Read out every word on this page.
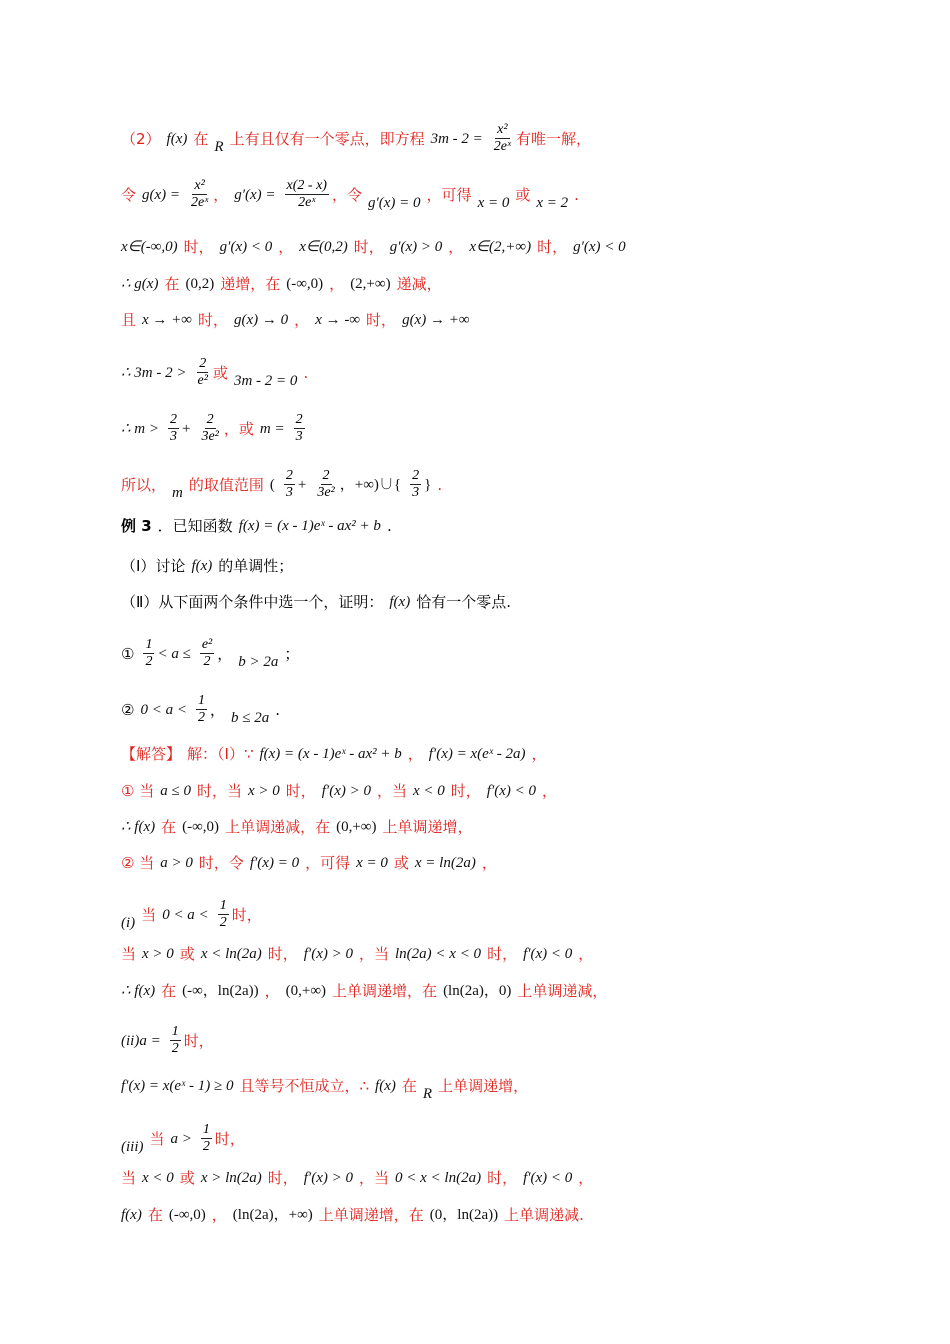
（2） f(x) 在 R 上有且仅有一个零点，即方程 $3m - 2 = \frac{\text{x²}}{\text{2eˣ}}$ 有唯一解，
令 $g(x) = \frac{\text{x²}}{\text{2eˣ}}$ ， $g'(x) = \frac{x(2 - x)}{\text{2eˣ}}$ ，令 g′(x) = 0 ，可得 x = 0 或 x = 2 .
x∈(-∞,0) 时， g′(x) < 0 ， x∈(0,2) 时， g′(x) > 0 ， x∈(2,+∞) 时， g′(x) < 0
∴ g(x) 在 (0,2) 递增，在 (-∞,0) ， (2,+∞) 递减，
且 x → +∞ 时， g(x) → 0 ， x → -∞ 时， g(x) → +∞
∴ $3m - 2 > \frac{2}{\text{e²}}$ 或 3m - 2 = 0 .
∴ $m > \frac{2}{3} + \frac{2}{\text{3e²}}$ ，或 $m = \frac{2}{3}$
所以， m 的取值范围 ( $\frac{2}{3} + \frac{2}{\text{3e²}}$ ，+∞)∪{ $\frac{2}{3}$ } .
例 3 ．已知函数 f(x) = (x - 1)eˣ - ax² + b .
（Ⅰ）讨论 f(x) 的单调性；
（Ⅱ）从下面两个条件中选一个，证明： f(x) 恰有一个零点.
① $\frac{1}{2} < a \le \frac{\text{e²}}{2}$ ， b > 2a ；
② $0 < a < \frac{1}{2}$ ， b ≤ 2a .
【解答】 解：（Ⅰ）∵ f(x) = (x - 1)eˣ - ax² + b ， f′(x) = x(eˣ - 2a) ，
① 当 a ≤ 0 时，当 x > 0 时， f′(x) > 0 ，当 x < 0 时， f′(x) < 0 ，
∴ f(x) 在 (-∞,0) 上单调递减，在 (0,+∞) 上单调递增，
② 当 a > 0 时，令 f′(x) = 0 ，可得 x = 0 或 x = ln(2a) ，
(i) 当 $0 < a < \frac{1}{2}$ 时，
当 x > 0 或 x < ln(2a) 时， f′(x) > 0 ，当 ln(2a) < x < 0 时， f′(x) < 0 ，
∴ f(x) 在 (-∞，ln(2a)) ， (0,+∞) 上单调递增，在 (ln(2a)，0) 上单调递减，
$(ii)a = \frac{1}{2}$ 时，
f′(x) = x(eˣ - 1) ≥ 0 且等号不恒成立，∴ f(x) 在 R 上单调递增，
(iii) 当 $a > \frac{1}{2}$ 时，
当 x < 0 或 x > ln(2a) 时， f′(x) > 0 ，当 0 < x < ln(2a) 时， f′(x) < 0 ，
f(x) 在 (-∞,0) ， (ln(2a)，+∞) 上单调递增，在 (0，ln(2a)) 上单调递减.
